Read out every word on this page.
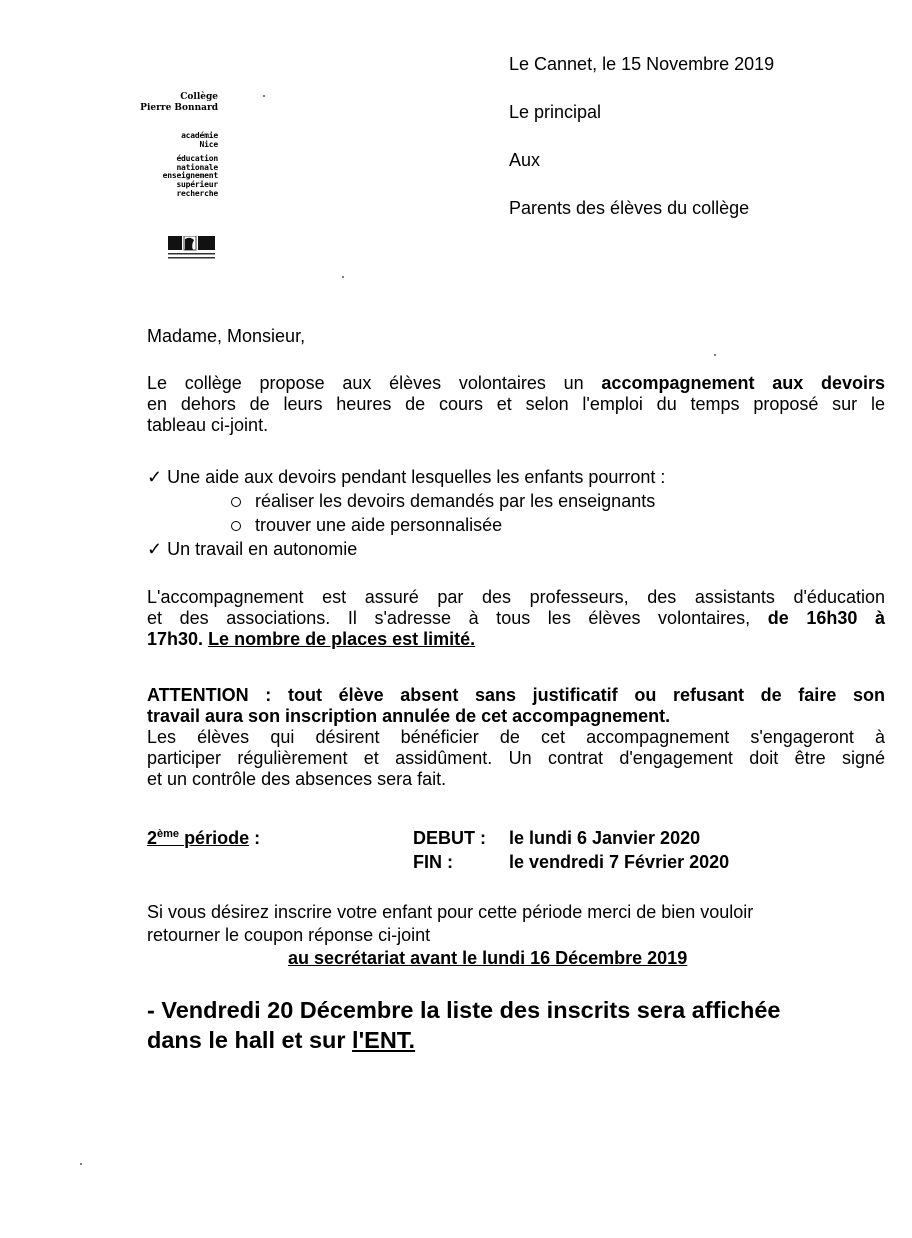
Le Cannet, le 15 Novembre 2019
Le principal
Aux
Parents des élèves du collège
Collège
Pierre Bonnard
académie
Nice
éducation
nationale
enseignement
supérieur
recherche
Madame, Monsieur,
Le collège propose aux élèves volontaires un accompagnement aux devoirs
en dehors de leurs heures de cours et selon l'emploi du temps proposé sur le
tableau ci-joint.
✓ Une aide aux devoirs pendant lesquelles les enfants pourront :
réaliser les devoirs demandés par les enseignants
trouver une aide personnalisée
✓ Un travail en autonomie
L'accompagnement est assuré par des professeurs, des assistants d'éducation
et des associations. Il s'adresse à tous les élèves volontaires, de 16h30 à
17h30. Le nombre de places est limité.
ATTENTION : tout élève absent sans justificatif ou refusant de faire son
travail aura son inscription annulée de cet accompagnement.
Les élèves qui désirent bénéficier de cet accompagnement s'engageront à
participer régulièrement et assidûment. Un contrat d'engagement doit être signé
et un contrôle des absences sera fait.
2ème période :	DEBUT : le lundi 6 Janvier 2020
FIN :	le vendredi 7 Février 2020
Si vous désirez inscrire votre enfant pour cette période merci de bien vouloir
retourner le coupon réponse ci-joint
au secrétariat avant le lundi 16 Décembre 2019
- Vendredi 20 Décembre la liste des inscrits sera affichée
dans le hall et sur l'ENT.
